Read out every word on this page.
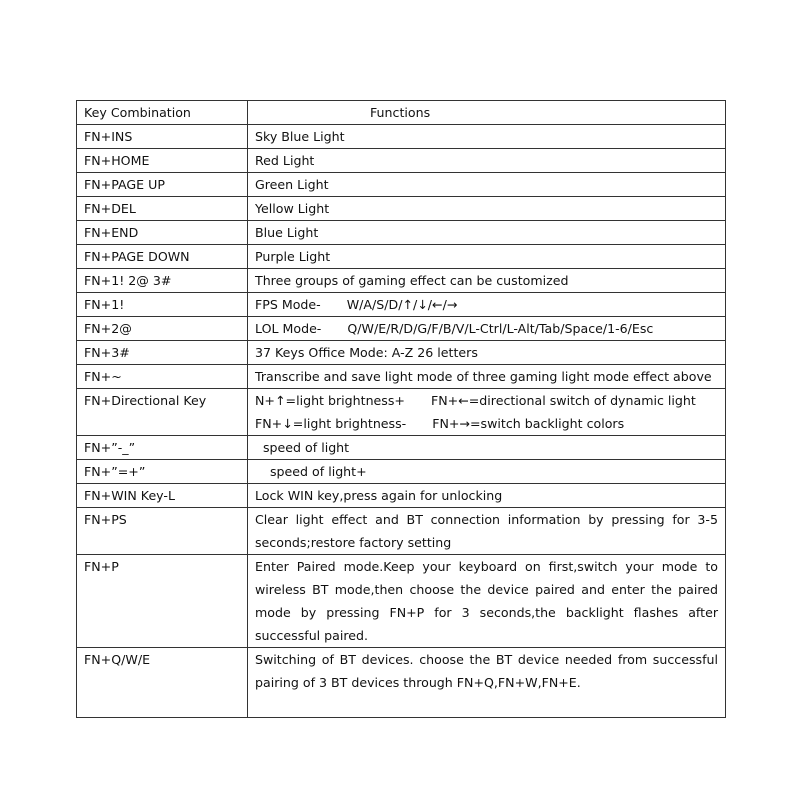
Key Combination	Functions
FN+INS	Sky Blue Light
FN+HOME	Red Light
FN+PAGE UP	Green Light
FN+DEL	Yellow Light
FN+END	Blue Light
FN+PAGE DOWN	Purple Light
FN+1! 2@ 3#	Three groups of gaming effect can be customized
FN+1!	FPS Mode- W/A/S/D/↑/↓/←/→
FN+2@	LOL Mode- Q/W/E/R/D/G/F/B/V/L-Ctrl/L-Alt/Tab/Space/1-6/Esc
FN+3#	37 Keys Office Mode: A-Z 26 letters
FN+~	Transcribe and save light mode of three gaming light mode effect above
FN+Directional Key	N+↑=light brightness+ FN+←=directional switch of dynamic light
FN+↓=light brightness- FN+→=switch backlight colors

FN+”-_”	speed of light
FN+”=+”	speed of light+
FN+WIN Key-L	Lock WIN key,press again for unlocking
FN+PS	Clear light effect and BT connection information by pressing for 3-5 seconds;restore factory setting
FN+P	Enter Paired mode.Keep your keyboard on first,switch your mode to wireless BT mode,then choose the device paired and enter the paired mode by pressing FN+P for 3 seconds,the backlight flashes after successful paired.
FN+Q/W/E	Switching of BT devices. choose the BT device needed from successful pairing of 3 BT devices through FN+Q,FN+W,FN+E.
